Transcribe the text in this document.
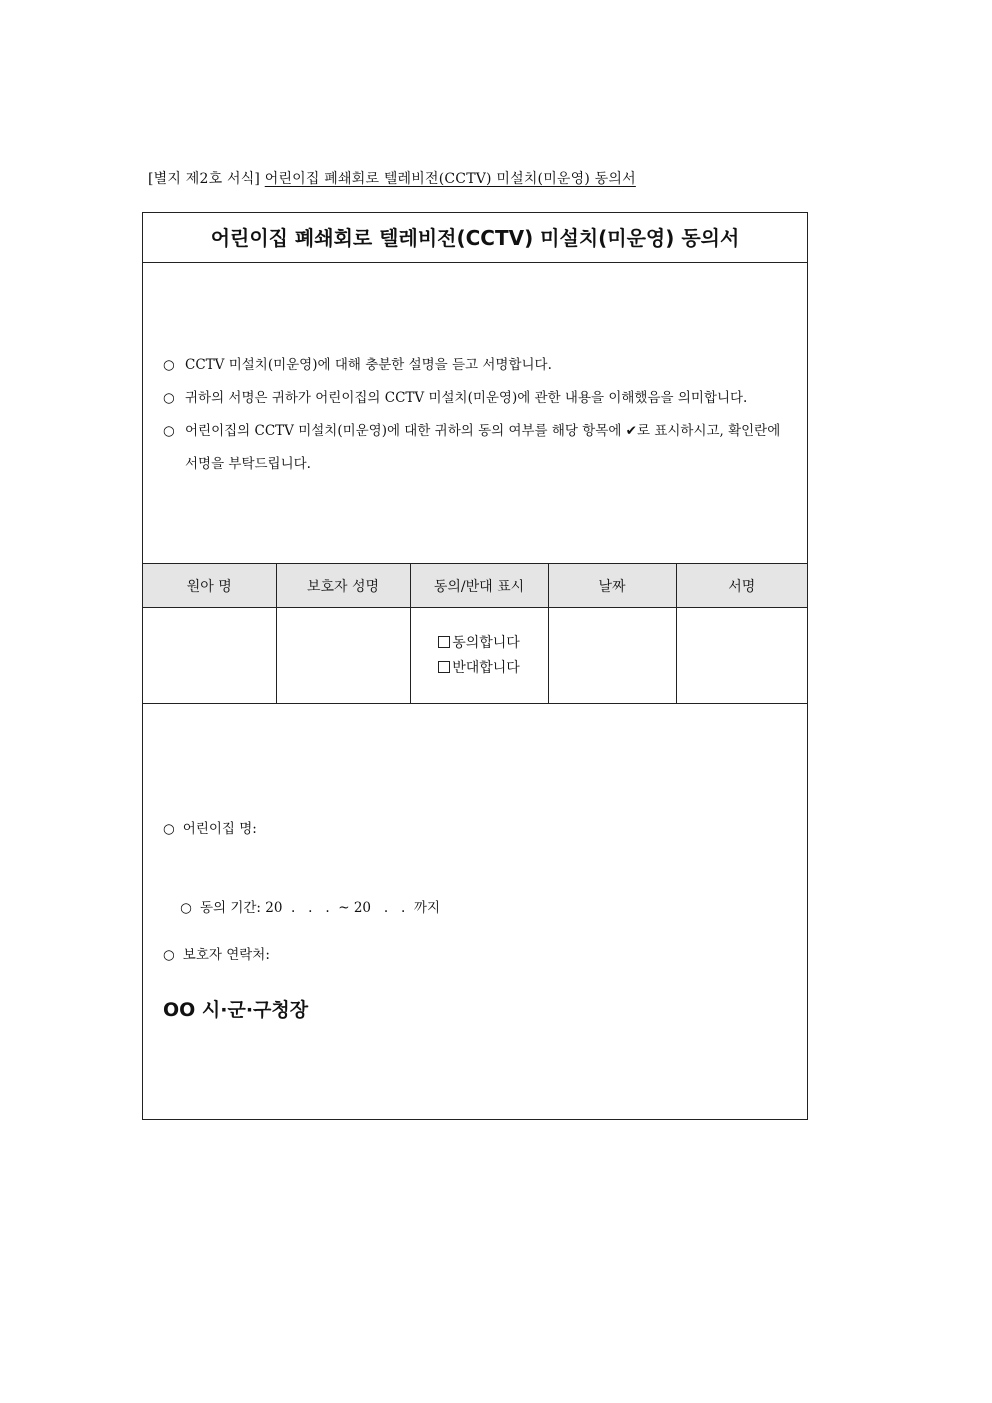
[별지 제2호 서식] 어린이집 폐쇄회로 텔레비전(CCTV) 미설치(미운영) 동의서
어린이집 폐쇄회로 텔레비전(CCTV) 미설치(미운영) 동의서
○ CCTV 미설치(미운영)에 대해 충분한 설명을 듣고 서명합니다.
○ 귀하의 서명은 귀하가 어린이집의 CCTV 미설치(미운영)에 관한 내용을 이해했음을 의미합니다.
○ 어린이집의 CCTV 미설치(미운영)에 대한 귀하의 동의 여부를 해당 항목에 ✔로 표시하시고, 확인란에 서명을 부탁드립니다.
원아 명	보호자 성명	동의/반대 표시	날짜	서명

		동의합니다
반대합니다		

○ 어린이집 명:

○ 동의 기간: 20  .   .   .  ~ 20   .   .  까지

○ 보호자 연락처:
OO 시·군·구청장
